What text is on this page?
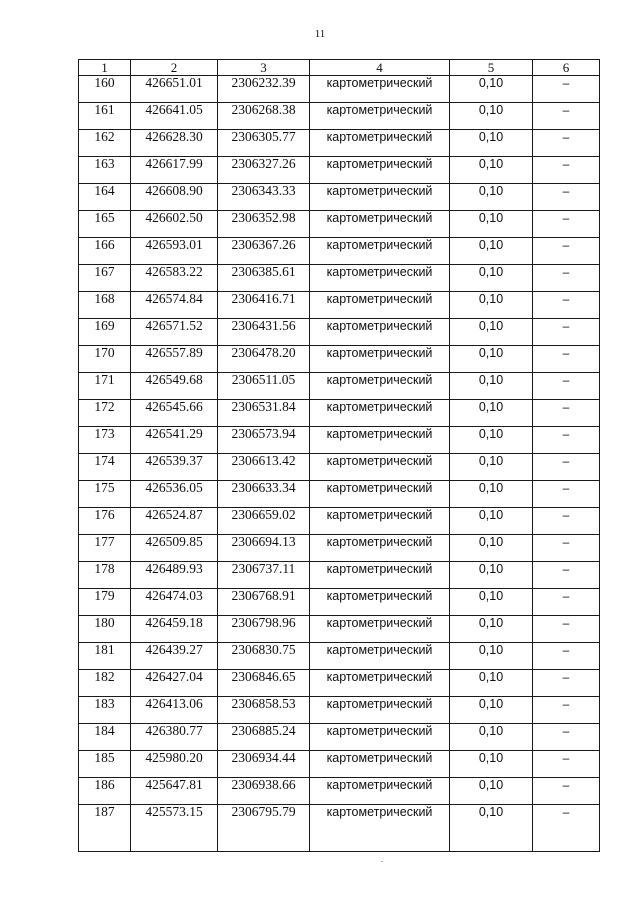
11
1	2	3	4	5	6
160	426651.01	2306232.39	картометрический	0,10	–
161	426641.05	2306268.38	картометрический	0,10	–
162	426628.30	2306305.77	картометрический	0,10	–
163	426617.99	2306327.26	картометрический	0,10	–
164	426608.90	2306343.33	картометрический	0,10	–
165	426602.50	2306352.98	картометрический	0,10	–
166	426593.01	2306367.26	картометрический	0,10	–
167	426583.22	2306385.61	картометрический	0,10	–
168	426574.84	2306416.71	картометрический	0,10	–
169	426571.52	2306431.56	картометрический	0,10	–
170	426557.89	2306478.20	картометрический	0,10	–
171	426549.68	2306511.05	картометрический	0,10	–
172	426545.66	2306531.84	картометрический	0,10	–
173	426541.29	2306573.94	картометрический	0,10	–
174	426539.37	2306613.42	картометрический	0,10	–
175	426536.05	2306633.34	картометрический	0,10	–
176	426524.87	2306659.02	картометрический	0,10	–
177	426509.85	2306694.13	картометрический	0,10	–
178	426489.93	2306737.11	картометрический	0,10	–
179	426474.03	2306768.91	картометрический	0,10	–
180	426459.18	2306798.96	картометрический	0,10	–
181	426439.27	2306830.75	картометрический	0,10	–
182	426427.04	2306846.65	картометрический	0,10	–
183	426413.06	2306858.53	картометрический	0,10	–
184	426380.77	2306885.24	картометрический	0,10	–
185	425980.20	2306934.44	картометрический	0,10	–
186	425647.81	2306938.66	картометрический	0,10	–
187	425573.15	2306795.79	картометрический	0,10	–
.
